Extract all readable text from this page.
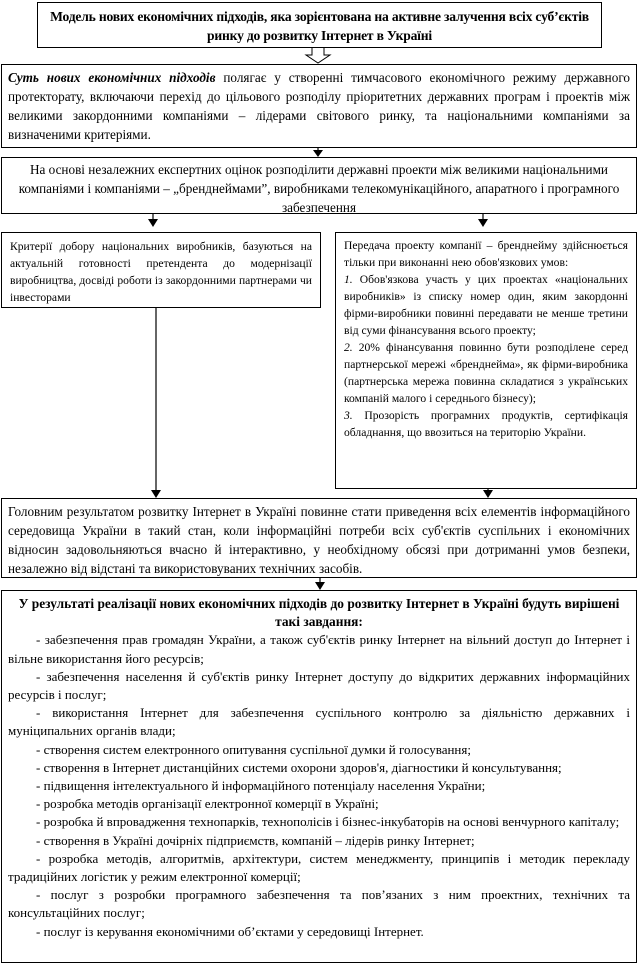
Модель нових економічних підходів, яка зорієнтована на активне залучення всіх суб’єктів ринку до розвитку Інтернет в Україні
Суть нових економічних підходів полягає у створенні тимчасового економічного режиму державного протекторату, включаючи перехід до цільового розподілу пріоритетних державних програм і проектів між великими закордонними компаніями – лідерами світового ринку, та національними компаніями за визначеними критеріями.
На основі незалежних експертних оцінок розподілити державні проекти між великими національними компаніями і компаніями – „бренднеймами”, виробниками телекомунікаційного, апаратного і програмного забезпечення
Критерії добору національних виробників, базуються на актуальній готовності претендента до модернізації виробництва, досвіді роботи із закордонними партнерами чи інвесторами
Передача проекту компанії – бренднейму здійснюється тільки при виконанні нею обов'язкових умов:
1. Обов'язкова участь у цих проектах «національних виробників» із списку номер один, яким закордонні фірми-виробники повинні передавати не менше третини від суми фінансування всього проекту;
2. 20% фінансування повинно бути розподілене серед партнерської мережі «бренднейма», як фірми-виробника (партнерська мережа повинна складатися з українських компаній малого і середнього бізнесу);
3. Прозорість програмних продуктів, сертифікація обладнання, що ввозиться на територію України.
Головним результатом розвитку Інтернет в Україні повинне стати приведення всіх елементів інформаційного середовища України в такий стан, коли інформаційні потреби всіх суб'єктів суспільних і економічних відносин задовольняються вчасно й інтерактивно, у необхідному обсязі при дотриманні умов безпеки, незалежно від відстані та використовуваних технічних засобів.
У результаті реалізації нових економічних підходів до розвитку Інтернет в Україні будуть вирішені такі завдання:
- забезпечення прав громадян України, а також суб'єктів ринку Інтернет на вільний доступ до Інтернет і вільне використання його ресурсів;
- забезпечення населення й суб'єктів ринку Інтернет доступу до відкритих державних інформаційних ресурсів і послуг;
- використання Інтернет для забезпечення суспільного контролю за діяльністю державних і муніципальних органів влади;
- створення систем електронного опитування суспільної думки й голосування;
- створення в Інтернет дистанційних системи охорони здоров'я, діагностики й консультування;
- підвищення інтелектуального й інформаційного потенціалу населення України;
- розробка методів організації електронної комерції в Україні;
- розробка й впровадження технопарків, технополісів і бізнес-інкубаторів на основі венчурного капіталу;
- створення в Україні дочірніх підприємств, компаній – лідерів ринку Інтернет;
- розробка методів, алгоритмів, архітектури, систем менеджменту, принципів і методик перекладу традиційних логістик у режим електронної комерції;
- послуг з розробки програмного забезпечення та пов’язаних з ним проектних, технічних та консультаційних послуг;
- послуг із керування економічними об’єктами у середовищі Інтернет.
